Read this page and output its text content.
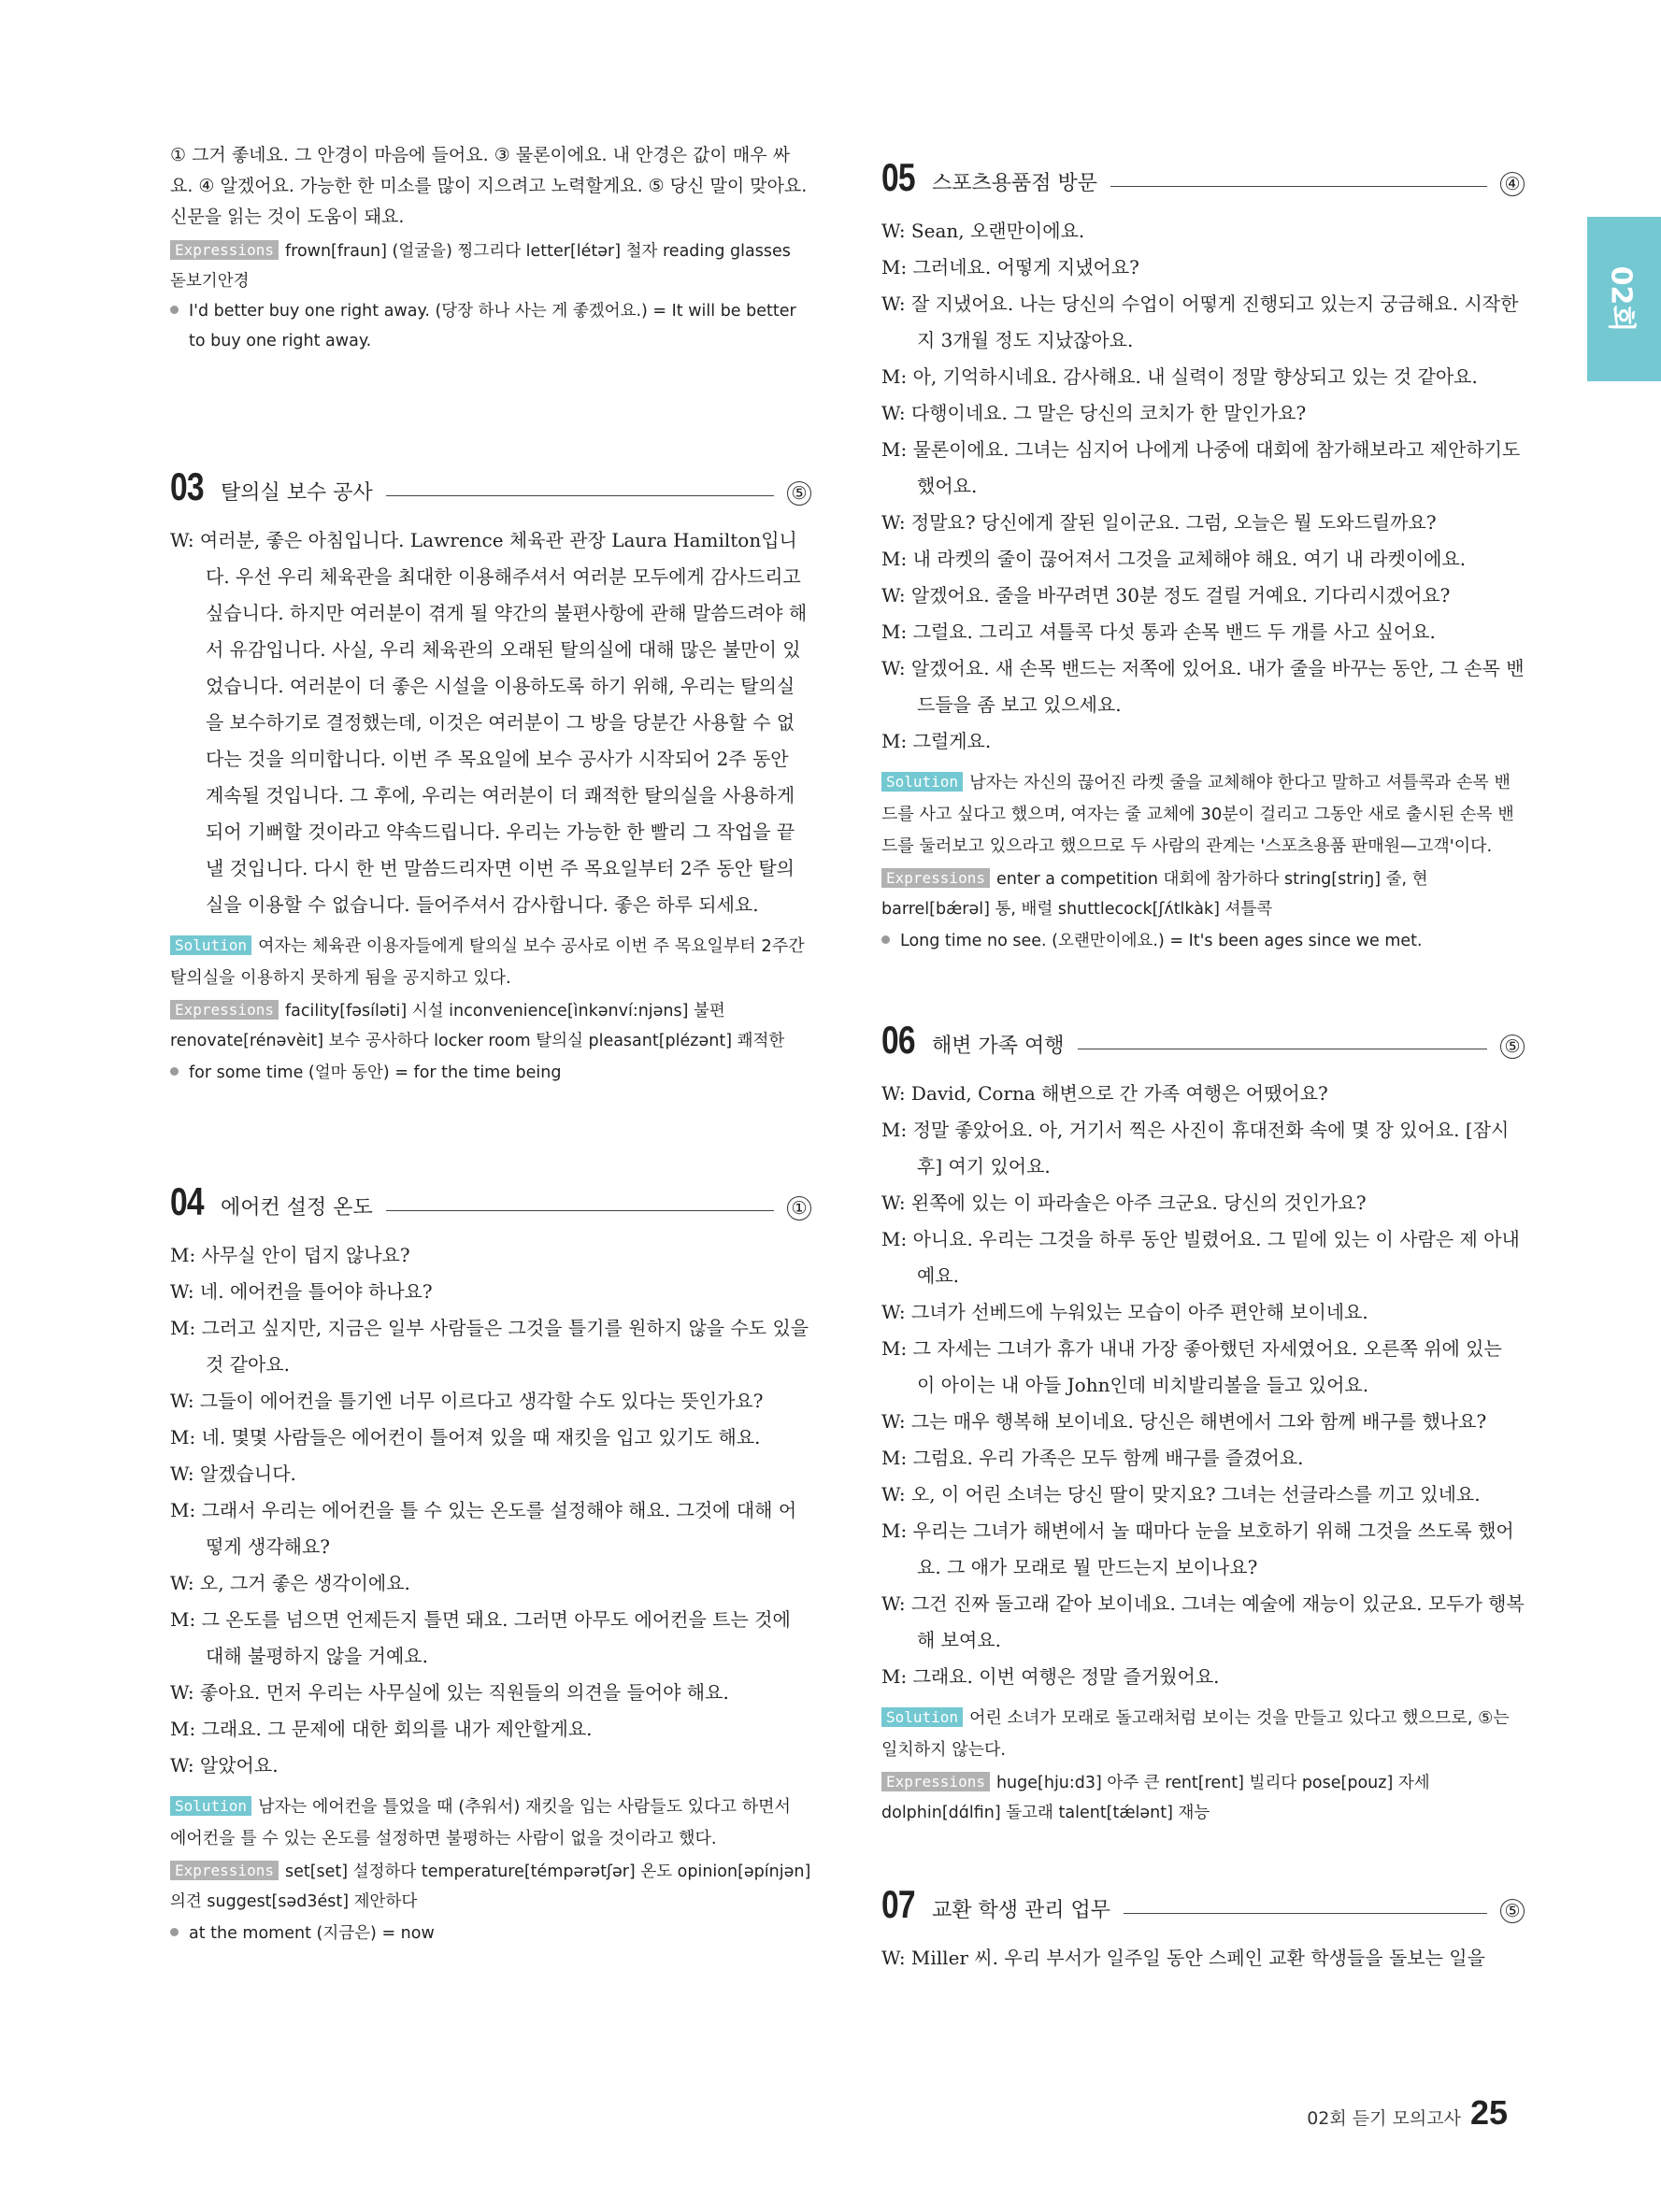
02회

① 그거 좋네요. 그 안경이 마음에 들어요. ③ 물론이에요. 내 안경은 값이 매우 싸요. ④ 알겠어요. 가능한 한 미소를 많이 지으려고 노력할게요. ⑤ 당신 말이 맞아요. 신문을 읽는 것이 도움이 돼요.

Expressions frown[fraun] (얼굴을) 찡그리다 letter[létər] 철자 reading glasses 돋보기안경

I'd better buy one right away. (당장 하나 사는 게 좋겠어요.) = It will be better to buy one right away.

03 탈의실 보수 공사	⑤

W: 여러분, 좋은 아침입니다. Lawrence 체육관 관장 Laura Hamilton입니다. 우선 우리 체육관을 최대한 이용해주셔서 여러분 모두에게 감사드리고 싶습니다. 하지만 여러분이 겪게 될 약간의 불편사항에 관해 말씀드려야 해서 유감입니다. 사실, 우리 체육관의 오래된 탈의실에 대해 많은 불만이 있었습니다. 여러분이 더 좋은 시설을 이용하도록 하기 위해, 우리는 탈의실을 보수하기로 결정했는데, 이것은 여러분이 그 방을 당분간 사용할 수 없다는 것을 의미합니다. 이번 주 목요일에 보수 공사가 시작되어 2주 동안 계속될 것입니다. 그 후에, 우리는 여러분이 더 쾌적한 탈의실을 사용하게 되어 기뻐할 것이라고 약속드립니다. 우리는 가능한 한 빨리 그 작업을 끝낼 것입니다. 다시 한 번 말씀드리자면 이번 주 목요일부터 2주 동안 탈의실을 이용할 수 없습니다. 들어주셔서 감사합니다. 좋은 하루 되세요.

Solution 여자는 체육관 이용자들에게 탈의실 보수 공사로 이번 주 목요일부터 2주간 탈의실을 이용하지 못하게 됨을 공지하고 있다.

Expressions facility[fəsíləti] 시설 inconvenience[ìnkənví:njəns] 불편 renovate[rénəvèit] 보수 공사하다 locker room 탈의실 pleasant[plézənt] 쾌적한

for some time (얼마 동안) = for the time being

04 에어컨 설정 온도	①

M: 사무실 안이 덥지 않나요?

W: 네. 에어컨을 틀어야 하나요?

M: 그러고 싶지만, 지금은 일부 사람들은 그것을 틀기를 원하지 않을 수도 있을 것 같아요.

W: 그들이 에어컨을 틀기엔 너무 이르다고 생각할 수도 있다는 뜻인가요?

M: 네. 몇몇 사람들은 에어컨이 틀어져 있을 때 재킷을 입고 있기도 해요.

W: 알겠습니다.

M: 그래서 우리는 에어컨을 틀 수 있는 온도를 설정해야 해요. 그것에 대해 어떻게 생각해요?

W: 오, 그거 좋은 생각이에요.

M: 그 온도를 넘으면 언제든지 틀면 돼요. 그러면 아무도 에어컨을 트는 것에 대해 불평하지 않을 거예요.

W: 좋아요. 먼저 우리는 사무실에 있는 직원들의 의견을 들어야 해요.

M: 그래요. 그 문제에 대한 회의를 내가 제안할게요.

W: 알았어요.

Solution 남자는 에어컨을 틀었을 때 (추워서) 재킷을 입는 사람들도 있다고 하면서 에어컨을 틀 수 있는 온도를 설정하면 불평하는 사람이 없을 것이라고 했다.

Expressions set[set] 설정하다 temperature[témpərətʃər] 온도 opinion[əpínjən] 의견 suggest[səd3ést] 제안하다

at the moment (지금은) = now

05 스포츠용품점 방문	④

W: Sean, 오랜만이에요.

M: 그러네요. 어떻게 지냈어요?

W: 잘 지냈어요. 나는 당신의 수업이 어떻게 진행되고 있는지 궁금해요. 시작한 지 3개월 정도 지났잖아요.

M: 아, 기억하시네요. 감사해요. 내 실력이 정말 향상되고 있는 것 같아요.

W: 다행이네요. 그 말은 당신의 코치가 한 말인가요?

M: 물론이에요. 그녀는 심지어 나에게 나중에 대회에 참가해보라고 제안하기도 했어요.

W: 정말요? 당신에게 잘된 일이군요. 그럼, 오늘은 뭘 도와드릴까요?

M: 내 라켓의 줄이 끊어져서 그것을 교체해야 해요. 여기 내 라켓이에요.

W: 알겠어요. 줄을 바꾸려면 30분 정도 걸릴 거예요. 기다리시겠어요?

M: 그럴요. 그리고 셔틀콕 다섯 통과 손목 밴드 두 개를 사고 싶어요.

W: 알겠어요. 새 손목 밴드는 저쪽에 있어요. 내가 줄을 바꾸는 동안, 그 손목 밴드들을 좀 보고 있으세요.

M: 그럴게요.

Solution 남자는 자신의 끊어진 라켓 줄을 교체해야 한다고 말하고 셔틀콕과 손목 밴드를 사고 싶다고 했으며, 여자는 줄 교체에 30분이 걸리고 그동안 새로 출시된 손목 밴드를 둘러보고 있으라고 했으므로 두 사람의 관계는 '스포츠용품 판매원—고객'이다.

Expressions enter a competition 대회에 참가하다 string[striŋ] 줄, 현 barrel[bǽrəl] 통, 배럴 shuttlecock[ʃʌ́tlkàk] 셔틀콕

Long time no see. (오랜만이에요.) = It's been ages since we met.

06 해변 가족 여행	⑤

W: David, Corna 해변으로 간 가족 여행은 어땠어요?

M: 정말 좋았어요. 아, 거기서 찍은 사진이 휴대전화 속에 몇 장 있어요. [잠시 후] 여기 있어요.

W: 왼쪽에 있는 이 파라솔은 아주 크군요. 당신의 것인가요?

M: 아니요. 우리는 그것을 하루 동안 빌렸어요. 그 밑에 있는 이 사람은 제 아내예요.

W: 그녀가 선베드에 누워있는 모습이 아주 편안해 보이네요.

M: 그 자세는 그녀가 휴가 내내 가장 좋아했던 자세였어요. 오른쪽 위에 있는 이 아이는 내 아들 John인데 비치발리볼을 들고 있어요.

W: 그는 매우 행복해 보이네요. 당신은 해변에서 그와 함께 배구를 했나요?

M: 그럼요. 우리 가족은 모두 함께 배구를 즐겼어요.

W: 오, 이 어린 소녀는 당신 딸이 맞지요? 그녀는 선글라스를 끼고 있네요.

M: 우리는 그녀가 해변에서 놀 때마다 눈을 보호하기 위해 그것을 쓰도록 했어요. 그 애가 모래로 뭘 만드는지 보이나요?

W: 그건 진짜 돌고래 같아 보이네요. 그녀는 예술에 재능이 있군요. 모두가 행복해 보여요.

M: 그래요. 이번 여행은 정말 즐거웠어요.

Solution 어린 소녀가 모래로 돌고래처럼 보이는 것을 만들고 있다고 했으므로, ⑤는 일치하지 않는다.

Expressions huge[hju:d3] 아주 큰 rent[rent] 빌리다 pose[pouz] 자세 dolphin[dɑ́lfin] 돌고래 talent[tǽlənt] 재능

07 교환 학생 관리 업무	⑤

W: Miller 씨. 우리 부서가 일주일 동안 스페인 교환 학생들을 돌보는 일을

02회 듣기 모의고사 25
